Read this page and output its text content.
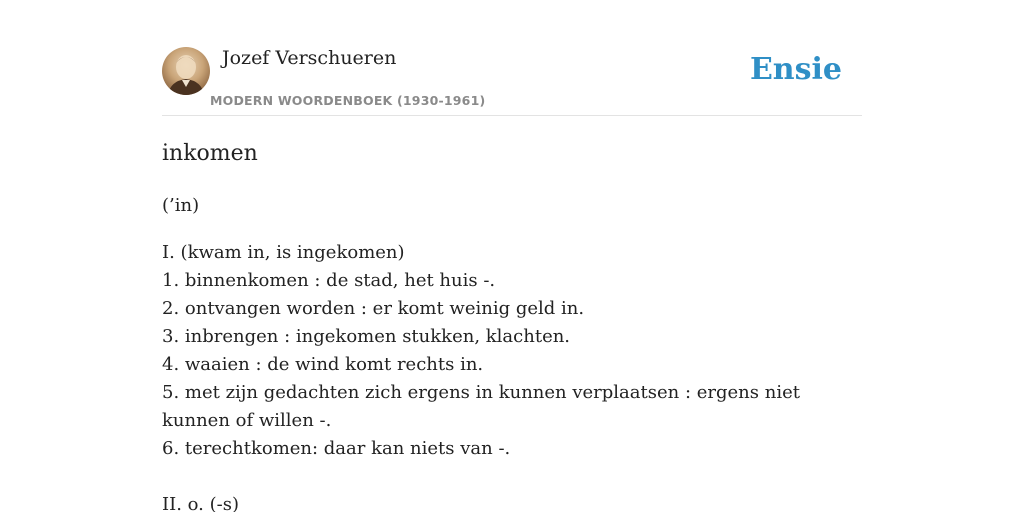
Jozef Verschueren
MODERN WOORDENBOEK (1930-1961)
Ensie
inkomen
(’in)
I. (kwam in, is ingekomen)
1. binnenkomen : de stad, het huis -.
2. ontvangen worden : er komt weinig geld in.
3. inbrengen : ingekomen stukken, klachten.
4. waaien : de wind komt rechts in.
5. met zijn gedachten zich ergens in kunnen verplaatsen : ergens niet kunnen of willen -.
6. terechtkomen: daar kan niets van -.
II. o. (-s)
